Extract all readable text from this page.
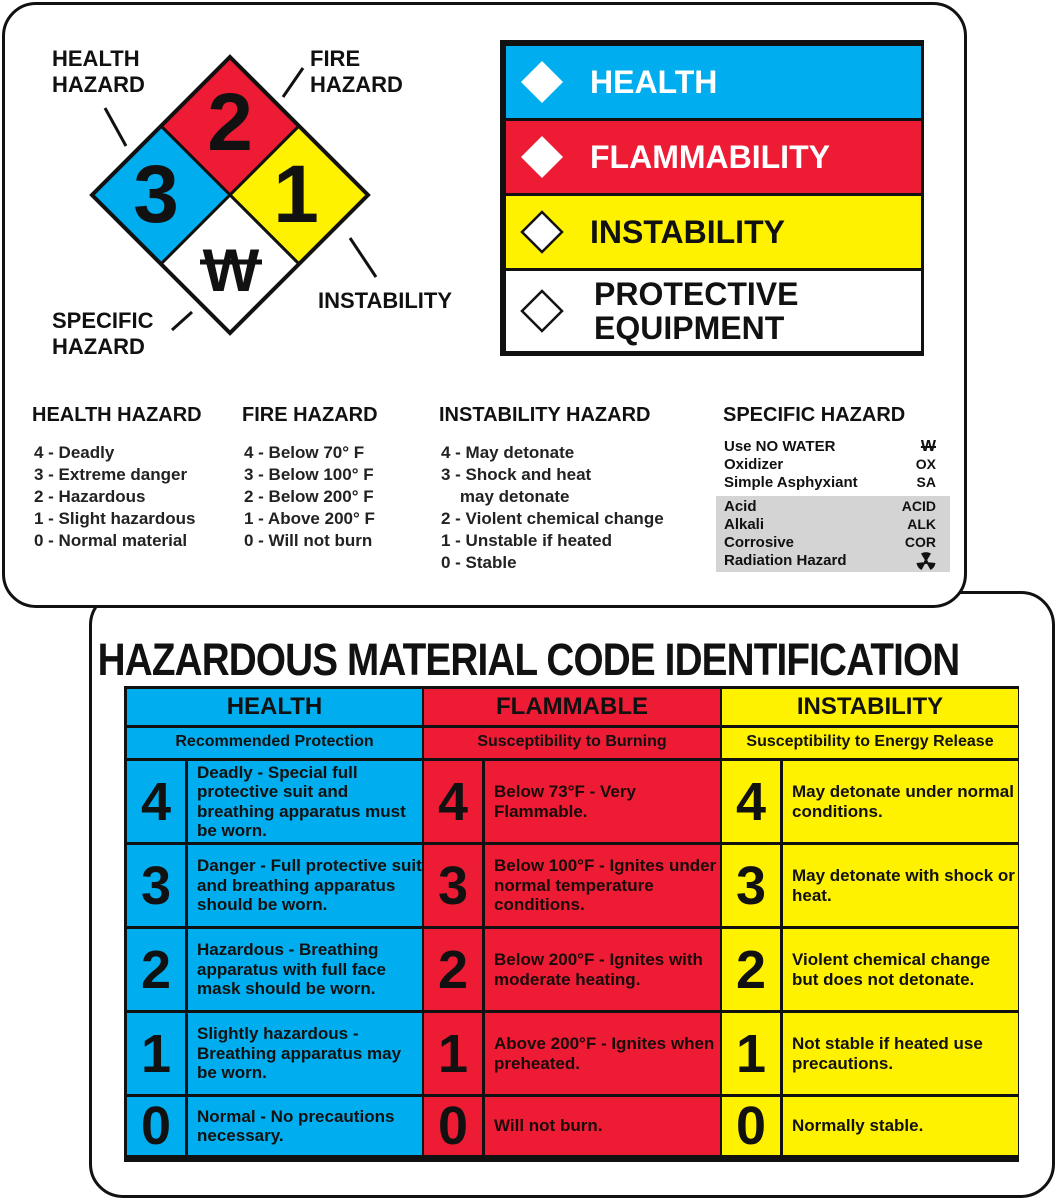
2
3 1
W
HEALTH
HAZARD
FIRE
HAZARD
INSTABILITY
SPECIFIC
HAZARD
HEALTH
FLAMMABILITY
INSTABILITY
PROTECTIVE
EQUIPMENT
HEALTH HAZARD
4 - Deadly
3 - Extreme danger
2 - Hazardous
1 - Slight hazardous
0 - Normal material
FIRE HAZARD
4 - Below 70° F
3 - Below 100° F
2 - Below 200° F
1 - Above 200° F
0 - Will not burn
INSTABILITY HAZARD
4 - May detonate
3 - Shock and heat
may detonate
2 - Violent chemical change
1 - Unstable if heated
0 - Stable
SPECIFIC HAZARD
Use NO WATER	W
Oxidizer	OX
Simple Asphyxiant	SA
Acid	ACID
Alkali	ALK
Corrosive	COR
Radiation Hazard
HAZARDOUS MATERIAL CODE IDENTIFICATION
HEALTH
Recommended Protection
4	Deadly - Special full protective suit and breathing apparatus must be worn.
3	Danger - Full protective suit and breathing apparatus should be worn.
2	Hazardous - Breathing apparatus with full face mask should be worn.
1	Slightly hazardous - Breathing apparatus may be worn.
0	Normal - No precautions necessary.
FLAMMABLE
Susceptibility to Burning
4	Below 73°F - Very Flammable.
3	Below 100°F - Ignites under normal temperature conditions.
2	Below 200°F - Ignites with moderate heating.
1	Above 200°F - Ignites when preheated.
0	Will not burn.
INSTABILITY
Susceptibility to Energy Release
4	May detonate under normal conditions.
3	May detonate with shock or heat.
2	Violent chemical change but does not detonate.
1	Not stable if heated use precautions.
0	Normally stable.
